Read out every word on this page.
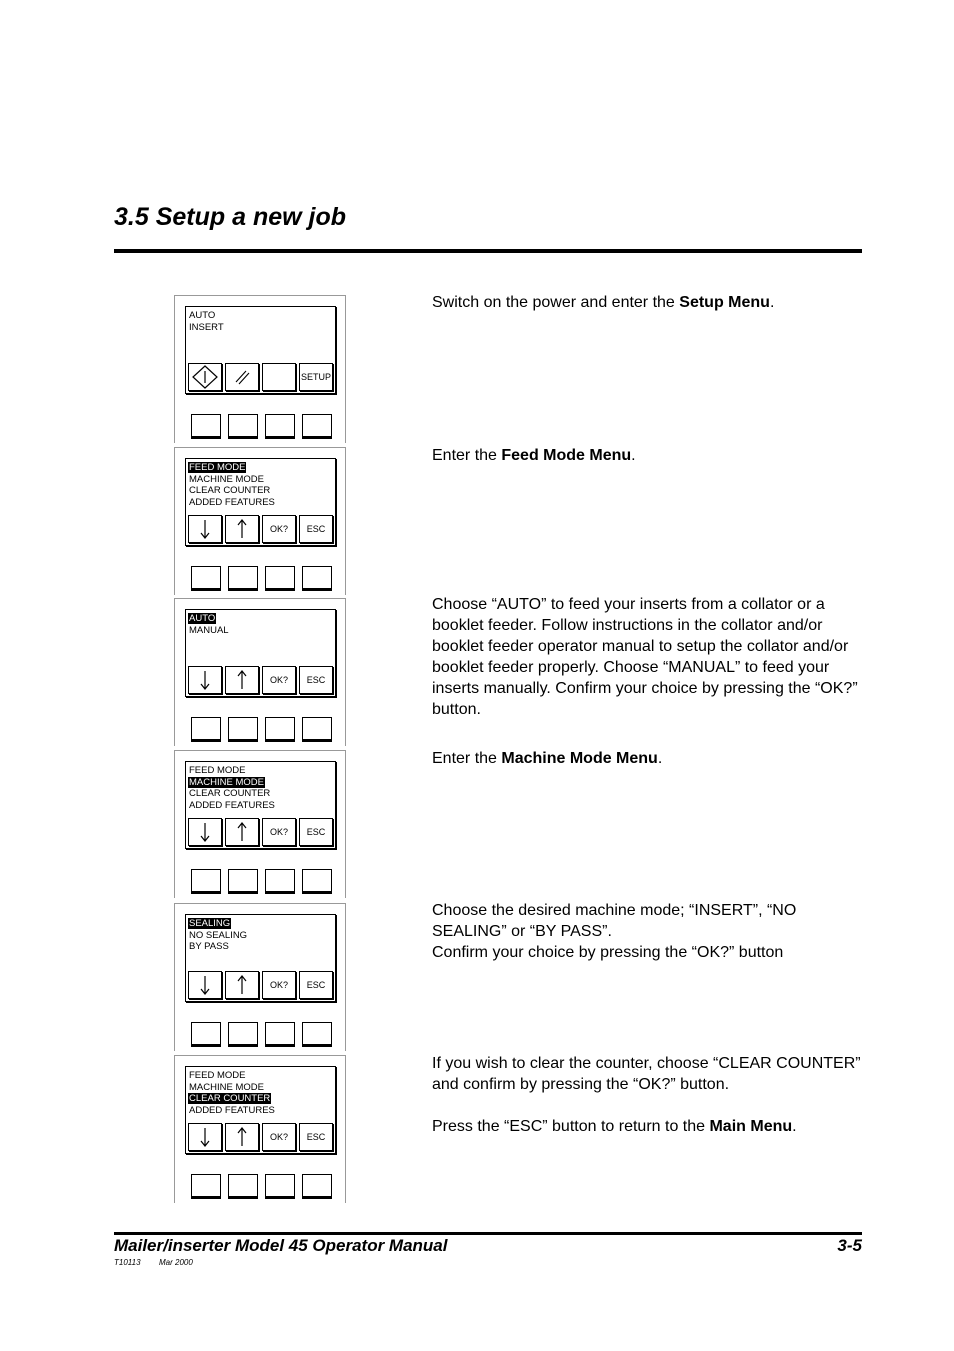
3.5 Setup a new job
AUTO
INSERT
SETUP
FEED MODE
MACHINE MODE
CLEAR COUNTER
ADDED FEATURES
OK? ESC
AUTO
MANUAL
OK? ESC
FEED MODE
MACHINE MODE
CLEAR COUNTER
ADDED FEATURES
OK? ESC
SEALING
NO SEALING
BY PASS
OK? ESC
FEED MODE
MACHINE MODE
CLEAR COUNTER
ADDED FEATURES
OK? ESC
Switch on the power and enter the Setup Menu.
Enter the Feed Mode Menu.
Choose “AUTO” to feed your inserts from a collator or a booklet feeder. Follow instructions in the collator and/or booklet feeder operator manual to setup the collator and/or booklet feeder properly. Choose “MANUAL” to feed your inserts manually. Confirm your choice by pressing the “OK?” button.
Enter the Machine Mode Menu.
Choose the desired machine mode; “INSERT”, “NO SEALING” or “BY PASS”.
Confirm your choice by pressing the “OK?” button
If you wish to clear the counter, choose “CLEAR COUNTER” and confirm by pressing the “OK?” button.

Press the “ESC” button to return to the Main Menu.
Mailer/inserter Model 45 Operator Manual	3-5
T10113 Mar 2000
